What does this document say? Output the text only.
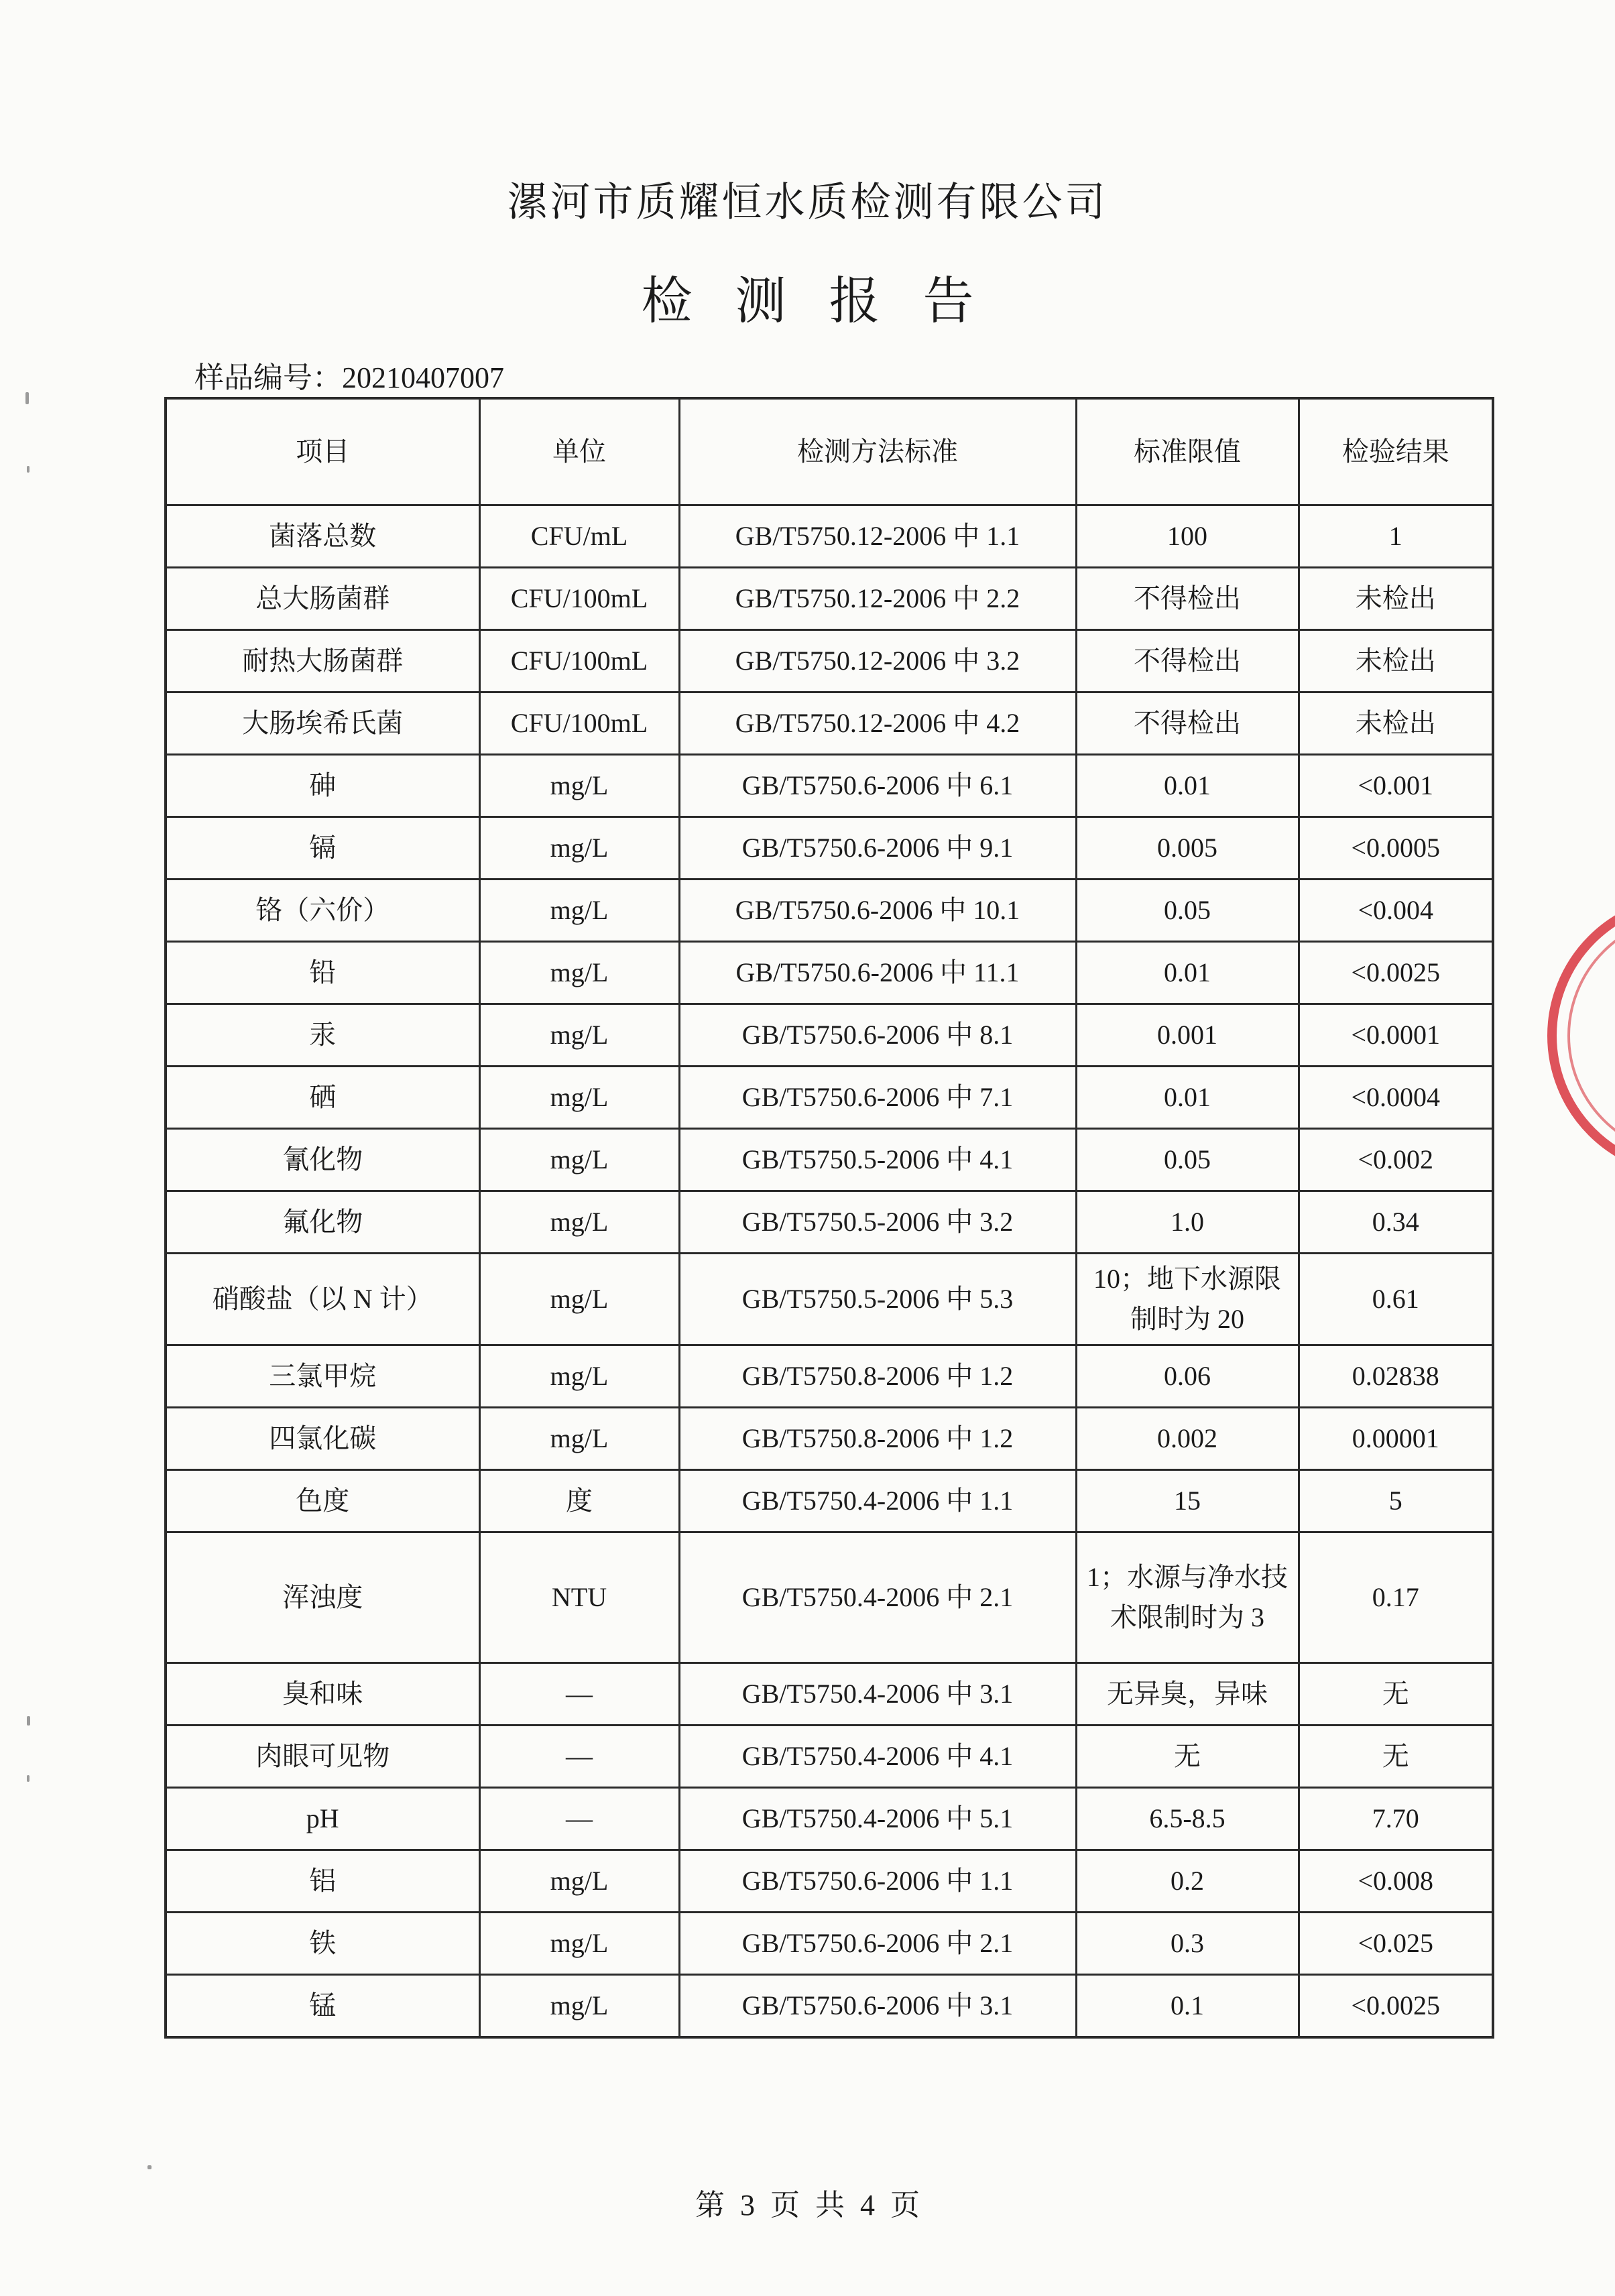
漯河市质耀恒水质检测有限公司
检测报告
样品编号：20210407007
项目	单位	检测方法标准	标准限值	检验结果
菌落总数	CFU/mL	GB/T5750.12-2006 中 1.1	100	1
总大肠菌群	CFU/100mL	GB/T5750.12-2006 中 2.2	不得检出	未检出
耐热大肠菌群	CFU/100mL	GB/T5750.12-2006 中 3.2	不得检出	未检出
大肠埃希氏菌	CFU/100mL	GB/T5750.12-2006 中 4.2	不得检出	未检出
砷	mg/L	GB/T5750.6-2006 中 6.1	0.01	<0.001
镉	mg/L	GB/T5750.6-2006 中 9.1	0.005	<0.0005
铬（六价）	mg/L	GB/T5750.6-2006 中 10.1	0.05	<0.004
铅	mg/L	GB/T5750.6-2006 中 11.1	0.01	<0.0025
汞	mg/L	GB/T5750.6-2006 中 8.1	0.001	<0.0001
硒	mg/L	GB/T5750.6-2006 中 7.1	0.01	<0.0004
氰化物	mg/L	GB/T5750.5-2006 中 4.1	0.05	<0.002
氟化物	mg/L	GB/T5750.5-2006 中 3.2	1.0	0.34
硝酸盐（以 N 计）	mg/L	GB/T5750.5-2006 中 5.3	10；地下水源限制时为 20	0.61
三氯甲烷	mg/L	GB/T5750.8-2006 中 1.2	0.06	0.02838
四氯化碳	mg/L	GB/T5750.8-2006 中 1.2	0.002	0.00001
色度	度	GB/T5750.4-2006 中 1.1	15	5
浑浊度	NTU	GB/T5750.4-2006 中 2.1	1；水源与净水技术限制时为 3	0.17
臭和味	—	GB/T5750.4-2006 中 3.1	无异臭，异味	无
肉眼可见物	—	GB/T5750.4-2006 中 4.1	无	无
pH	—	GB/T5750.4-2006 中 5.1	6.5-8.5	7.70
铝	mg/L	GB/T5750.6-2006 中 1.1	0.2	<0.008
铁	mg/L	GB/T5750.6-2006 中 2.1	0.3	<0.025
锰	mg/L	GB/T5750.6-2006 中 3.1	0.1	<0.0025
第 3 页 共 4 页
